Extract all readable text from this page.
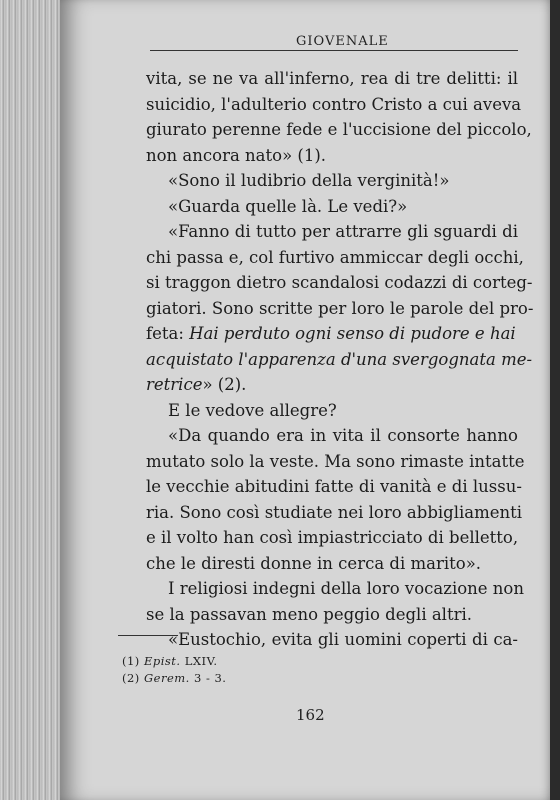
GIOVENALE
vita, se ne va all'inferno, rea di tre delitti: il
suicidio, l'adulterio contro Cristo a cui aveva
giurato perenne fede e l'uccisione del piccolo,
non ancora nato» (1).
«Sono il ludibrio della verginità!»
«Guarda quelle là. Le vedi?»
«Fanno di tutto per attrarre gli sguardi di
chi passa e, col furtivo ammiccar degli occhi,
si traggon dietro scandalosi codazzi di corteg-
giatori. Sono scritte per loro le parole del pro-
feta: Hai perduto ogni senso di pudore e hai
acquistato l'apparenza d'una svergognata me-
retrice» (2).
E le vedove allegre?
«Da quando era in vita il consorte hanno
mutato solo la veste. Ma sono rimaste intatte
le vecchie abitudini fatte di vanità e di lussu-
ria. Sono così studiate nei loro abbigliamenti
e il volto han così impiastricciato di belletto,
che le diresti donne in cerca di marito».
I religiosi indegni della loro vocazione non
se la passavan meno peggio degli altri.
«Eustochio, evita gli uomini coperti di ca-
(1) Epist. LXIV.
(2) Gerem. 3 - 3.
162
